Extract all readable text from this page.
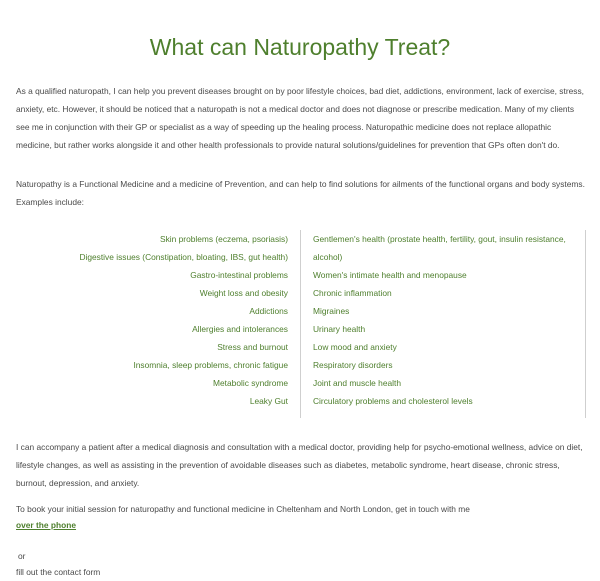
What can Naturopathy Treat?

As a qualified naturopath, I can help you prevent diseases brought on by poor lifestyle choices, bad diet, addictions, environment, lack of exercise, stress, anxiety, etc. However, it should be noticed that a naturopath is not a medical doctor and does not diagnose or prescribe medication. Many of my clients see me in conjunction with their GP or specialist as a way of speeding up the healing process. Naturopathic medicine does not replace allopathic medicine, but rather works alongside it and other health professionals to provide natural solutions/guidelines for prevention that GPs often don't do.

Naturopathy is a Functional Medicine and a medicine of Prevention, and can help to find solutions for ailments of the functional organs and body systems. Examples include:

Skin problems (eczema, psoriasis)
Digestive issues (Constipation, bloating, IBS, gut health)
Gastro-intestinal problems
Weight loss and obesity
Addictions
Allergies and intolerances
Stress and burnout
Insomnia, sleep problems, chronic fatigue
Metabolic syndrome
Leaky Gut
Gentlemen's health (prostate health, fertility, gout, insulin resistance, alcohol)
Women's intimate health and menopause
Chronic inflammation
Migraines
Urinary health
Low mood and anxiety
Respiratory disorders
Joint and muscle health
Circulatory problems and cholesterol levels

I can accompany a patient after a medical diagnosis and consultation with a medical doctor, providing help for psycho-emotional wellness, advice on diet, lifestyle changes, as well as assisting in the prevention of avoidable diseases such as diabetes, metabolic syndrome, heart disease, chronic stress, burnout, depression, and anxiety.

To book your initial session for naturopathy and functional medicine in Cheltenham and North London, get in touch with me

over the phone
or
fill out the contact form
